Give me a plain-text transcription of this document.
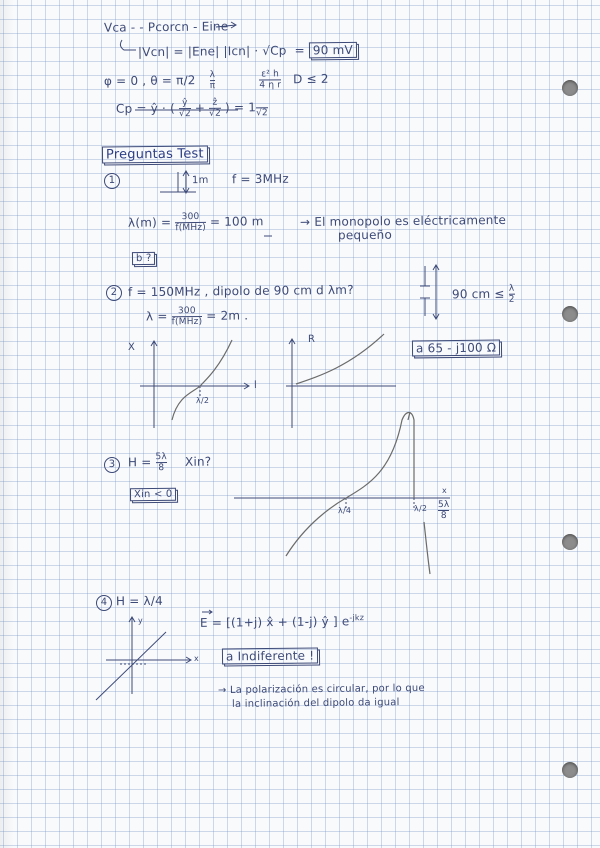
Vca - - Pcorcn - Eine
|Vcn| = |Ene| |Icn| · √Cp = 90 mV
φ = 0 , $\theta = \pi/2 \frac{\lambda}{\pi}$
	$\frac{\text{ε² h}}{\text{4 η r}}$ D ≤ 2
Cp = ŷ · ( $\frac{ŷ}{√2} + \frac{\text{ẑ}}{√2}$ ) = 1
√2
Preguntas Test
1	1m f = 3MHz
$\lambda(m) = \frac{300}{\text{f(MHz)}} = 100$ m	→ El monopolo es eléctricamente
pequeño
b ?
2 f = 150MHz , dipolo de 90 cm d λm?	90 cm ≤ $\frac{\lambda}{2}$
$\lambda = \frac{300}{\text{f(MHz)}} = 2m$ .
a 65 - j100 Ω
X
λ/2
l
R
3	$H = \frac{5\lambda}{8}$ Xin?
Xin < 0
λ/4	$\lambda/2 \frac{5\lambda}{8}$
x
4 H = λ/4
E = [(1+j) x̂ + (1-j) ŷ ] $e^{-jkz}$
y
x	a Indiferente !
→ La polarización es circular, por lo que
la inclinación del dipolo da igual
